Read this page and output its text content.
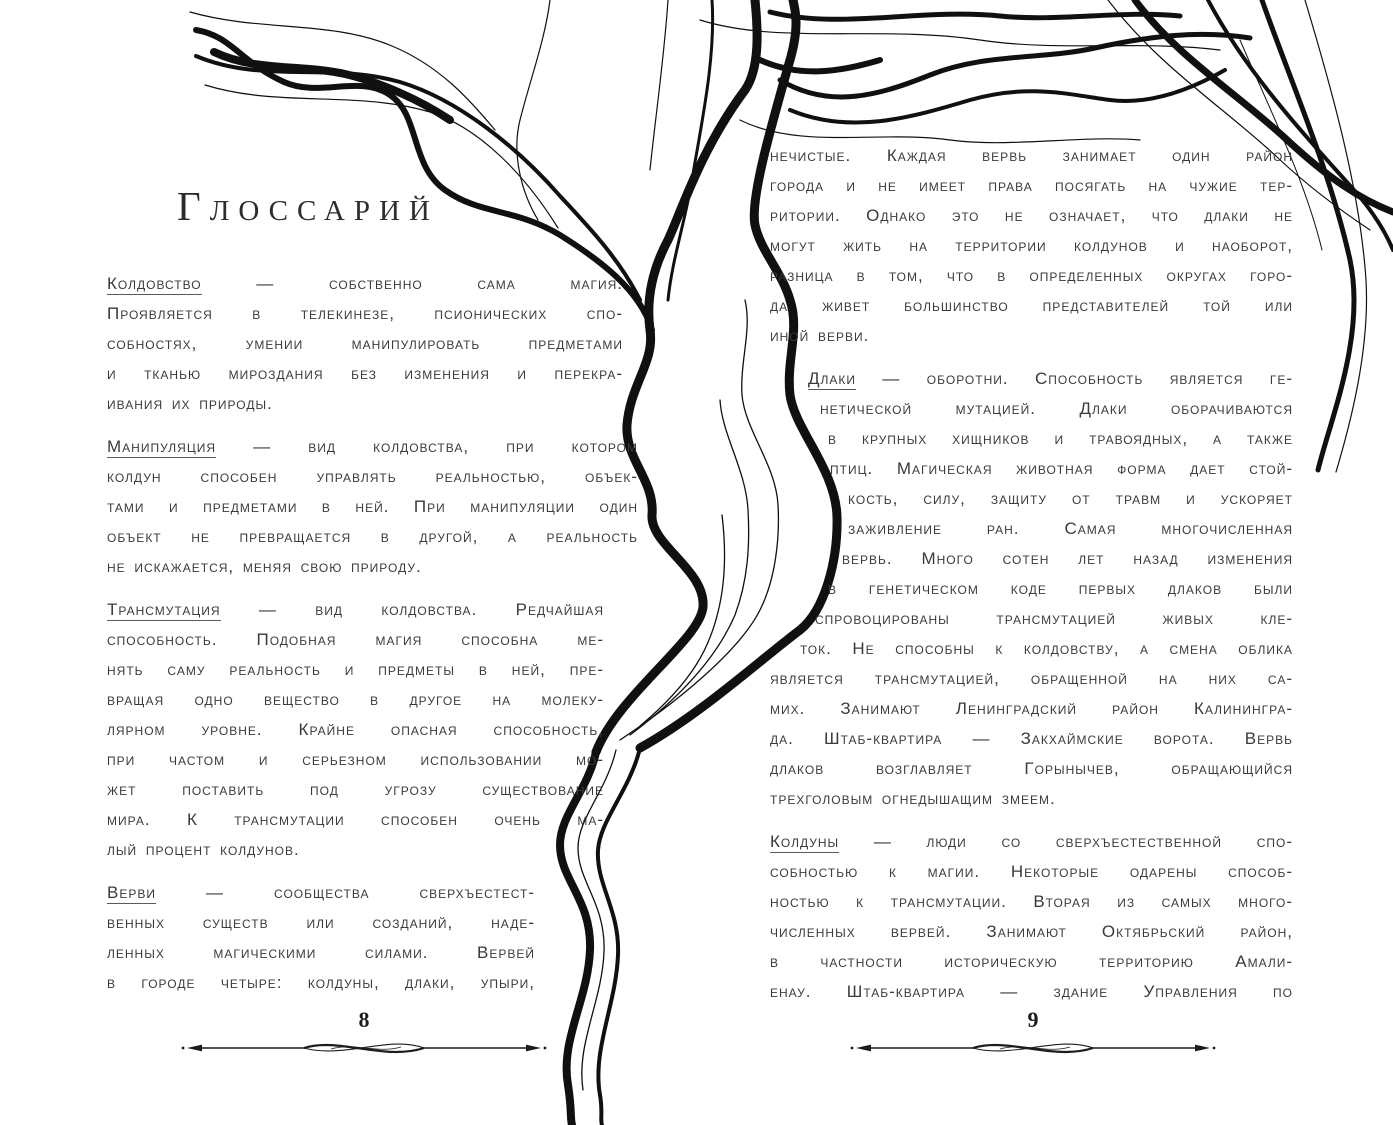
Глоссарий
Колдовство — собственно сама магия.
Проявляется в телекинезе, псионических спо-
собностях, умении манипулировать предметами
и тканью мироздания без изменения и перекра-
ивания их природы.
Манипуляция — вид колдовства, при котором
колдун способен управлять реальностью, объек-
тами и предметами в ней. При манипуляции один
объект не превращается в другой, а реальность
не искажается, меняя свою природу.
Трансмутация — вид колдовства. Редчайшая
способность. Подобная магия способна ме-
нять саму реальность и предметы в ней, пре-
вращая одно вещество в другое на молеку-
лярном уровне. Крайне опасная способность,
при частом и серьезном использовании мо-
жет поставить под угрозу существование
мира. К трансмутации способен очень ма-
лый процент колдунов.
Верви — сообщества сверхъестест-
венных существ или созданий, наде-
ленных магическими силами. Вервей
в городе четыре: колдуны, длаки, упыри,
нечистые. Каждая вервь занимает один район
города и не имеет права посягать на чужие тер-
ритории. Однако это не означает, что длаки не
могут жить на территории колдунов и наоборот,
разница в том, что в определенных округах горо-
да живет большинство представителей той или
иной верви.
Длаки — оборотни. Способность является ге-
нетической мутацией. Длаки оборачиваются
в крупных хищников и травоядных, а также
птиц. Магическая животная форма дает стой-
кость, силу, защиту от травм и ускоряет
заживление ран. Самая многочисленная
вервь. Много сотен лет назад изменения
в генетическом коде первых длаков были
спровоцированы трансмутацией живых кле-
ток. Не способны к колдовству, а смена облика
является трансмутацией, обращенной на них са-
мих. Занимают Ленинградский район Калинингра-
да. Штаб-квартира — Закхаймские ворота. Вервь
длаков возглавляет Горынычев, обращающийся
трехголовым огнедышащим змеем.
Колдуны — люди со сверхъестественной спо-
собностью к магии. Некоторые одарены способ-
ностью к трансмутации. Вторая из самых много-
численных вервей. Занимают Октябрьский район,
в частности историческую территорию Амали-
енау. Штаб-квартира — здание Управления по
8	9
